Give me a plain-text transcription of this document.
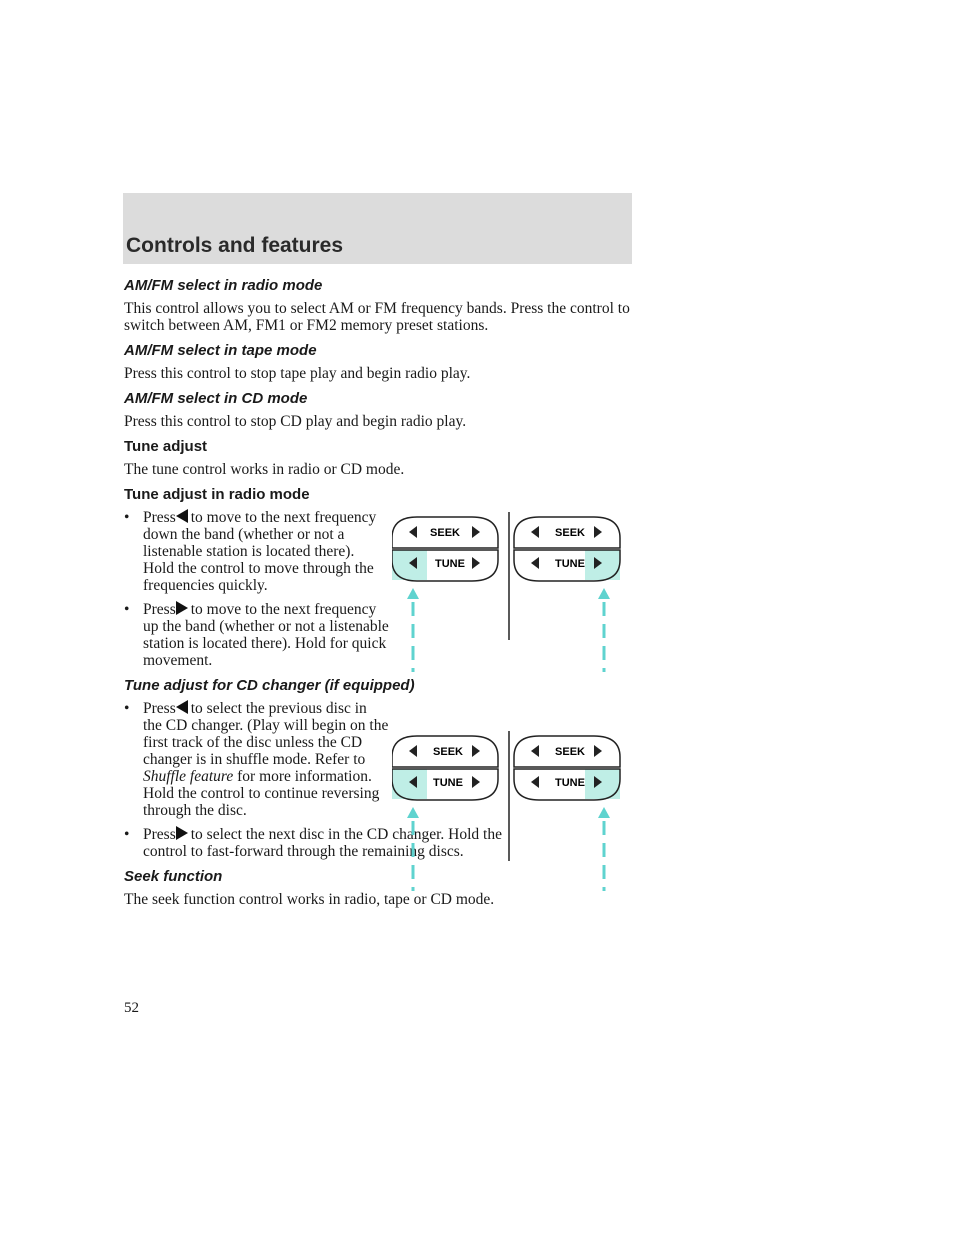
Controls and features
AM/FM select in radio mode

This control allows you to select AM or FM frequency bands. Press the control to switch between AM, FM1 or FM2 memory preset stations.

AM/FM select in tape mode

Press this control to stop tape play and begin radio play.

AM/FM select in CD mode

Press this control to stop CD play and begin radio play.

Tune adjust

The tune control works in radio or CD mode.

Tune adjust in radio mode
• Press to move to the next frequency down the band (whether or not a listenable station is located there). Hold the control to move through the frequencies quickly.
• Press to move to the next frequency up the band (whether or not a listenable station is located there). Hold for quick movement.
Tune adjust for CD changer (if equipped)
• Press to select the previous disc in the CD changer. (Play will begin on the first track of the disc unless the CD changer is in shuffle mode. Refer to Shuffle feature for more information. Hold the control to continue reversing through the disc.
• Press to select the next disc in the CD changer. Hold the control to fast-forward through the remaining discs.
Seek function

The seek function control works in radio, tape or CD mode.

SEEK
TUNE
SEEK
TUNE
SEEK
TUNE
SEEK
TUNE

52
